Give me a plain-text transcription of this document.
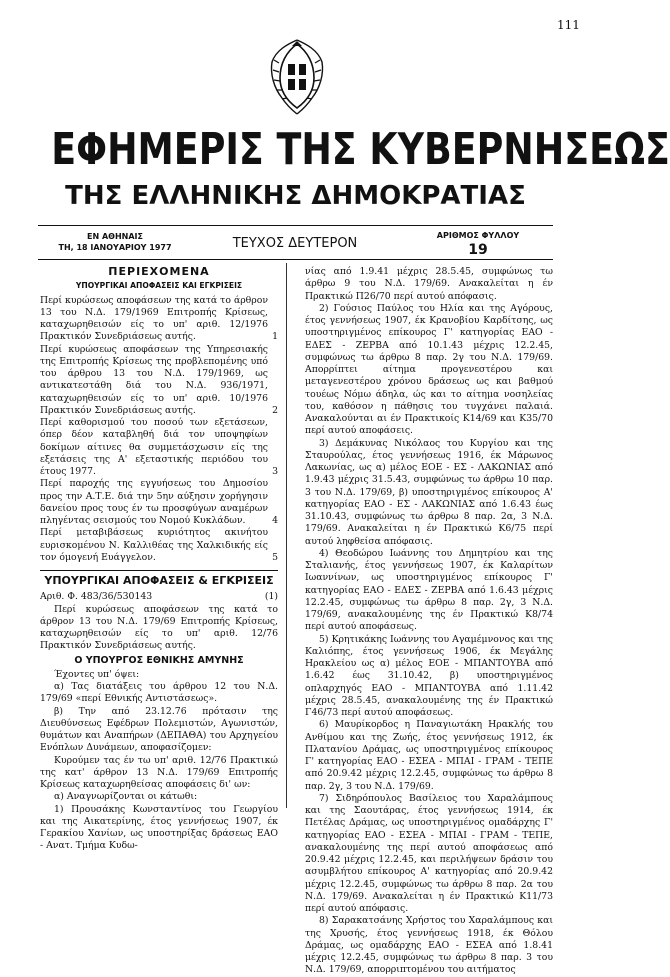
111
ΕΦΗΜΕΡΙΣ ΤΗΣ ΚΥΒΕΡΝΗΣΕΩΣ
ΤΗΣ ΕΛΛΗΝΙΚΗΣ ΔΗΜΟΚΡΑΤΙΑΣ
ΕΝ ΑΘΗΝΑΙΣ
ΤΗ, 18 ΙΑΝΟΥΑΡΙΟΥ 1977	ΤΕΥΧΟΣ ΔΕΥΤΕΡΟΝ
ΑΡΙΘΜΟΣ ΦΥΛΛΟΥ
19
ΠΕΡΙΕΧΟΜΕΝΑ
ΥΠΟΥΡΓΙΚΑΙ ΑΠΟΦΑΣΕΙΣ ΚΑΙ ΕΓΚΡΙΣΕΙΣ
Περί κυρώσεως αποφάσεων της κατά το άρθρον 13 του Ν.Δ. 179/1969 Επιτροπής Κρίσεως, καταχωρηθεισών είς το υπ' αριθ. 12/1976 Πρακτικόν Συνεδριάσεως αυτής.	1
Περί κυρώσεως αποφάσεων της Υπηρεσιακής της Επιτροπής Κρίσεως της προβλεπομένης υπό του άρθρου 13 του Ν.Δ. 179/1969, ως αντικατεστάθη διά του Ν.Δ. 936/1971, καταχωρηθεισών είς το υπ' αριθ. 10/1976 Πρακτικόν Συνεδριάσεως αυτής.	2
Περί καθορισμού του ποσού των εξετάσεων, όπερ δέον καταβληθή διά τον υποψηφίων δοκίμων αίτινες θα συμμετάσχωσιν είς της εξετάσεις της Α' εξεταστικής περιόδου του έτους 1977.	3
Περί παροχής της εγγυήσεως του Δημοσίου προς την Α.Τ.Ε. διά την 5ην αύξησιν χορήγησιν δανείου προς τους έν τω προσφύγων αναμέρων πληγέντας σεισμούς του Νομού Κυκλάδων.	4
Περί μεταβιβάσεως κυριότητος ακινήτου ευρισκομένου Ν. Καλλιθέας της Χαλκιδικής είς τον όμογενή Ευάγγελον.	5
ΥΠΟΥΡΓΙΚΑΙ ΑΠΟΦΑΣΕΙΣ & ΕΓΚΡΙΣΕΙΣ
Αριθ. Φ. 483/36/530143	(1)

Περί κυρώσεως αποφάσεων της κατά το άρθρον 13 του Ν.Δ. 179/69 Επιτροπής Κρίσεως, καταχωρηθεισών είς το υπ' αριθ. 12/76 Πρακτικόν Συνεδριάσεως αυτής.

Ο ΥΠΟΥΡΓΟΣ ΕΘΝΙΚΗΣ ΑΜΥΝΗΣ

Έχοντες υπ' όψει:

α) Τας διατάξεις του άρθρου 12 του Ν.Δ. 179/69 «περί Εθνικής Αντιστάσεως».

β) Την από 23.12.76 πρότασιν της Διευθύνσεως Εφέδρων Πολεμιστών, Αγωνιστών, θυμάτων και Αναπήρων (ΔΕΠΑΘΑ) του Αρχηγείου Ενόπλων Δυνάμεων, αποφασίζομεν:

Κυρούμεν τας έν τω υπ' αριθ. 12/76 Πρακτικώ της κατ' άρθρον 13 Ν.Δ. 179/69 Επιτροπής Κρίσεως καταχωρηθείσας αποφάσεις δι' ων:

α) Αναγνωρίζονται οι κάτωθι:

1) Προυσάκης Κωνσταντίνος του Γεωργίου και της Αικατερίνης, έτος γεννήσεως 1907, έκ Γερακίου Χανίων, ως υποστηρίξας δράσεως ΕΑΟ - Ανατ. Τμήμα Κυδω-

νίας από 1.9.41 μέχρις 28.5.45, συμφώνως τω άρθρω 9 του Ν.Δ. 179/69. Ανακαλείται η έν Πρακτικώ Π26/70 περί αυτού απόφασις.

2) Γούσιος Παύλος του Ηλία και της Αγόρους, έτος γεννήσεως 1907, έκ Κρανοβίου Καρδίτσης, ως υποστηριγμένος επίκουρος Γ' κατηγορίας ΕΑΟ - ΕΔΕΣ - ΖΕΡΒΑ από 10.1.43 μέχρις 12.2.45, συμφώνως τω άρθρω 8 παρ. 2γ του Ν.Δ. 179/69. Απορρίπτει αίτημα προγενεστέρου και μεταγενεστέρου χρόνου δράσεως ως και βαθμού τουέως Νόμω άδηλα, ώς και το αίτημα νοσηλείας του, καθόσον η πάθησις του τυγχάνει παλαιά. Ανακαλούνται αι έν Πρακτικοίς Κ14/69 και Κ35/70 περί αυτού αποφάσεις.

3) Δεμάκυνας Νικόλαος του Κυργίου και της Σταυρούλας, έτος γεννήσεως 1916, έκ Μάρωνος Λακωνίας, ως α) μέλος ΕΟΕ - ΕΣ - ΛΑΚΩΝΙΑΣ από 1.9.43 μέχρις 31.5.43, συμφώνως τω άρθρω 10 παρ. 3 του Ν.Δ. 179/69, β) υποστηριγμένος επίκουρος Α' κατηγορίας ΕΑΟ - ΕΣ - ΛΑΚΩΝΙΑΣ από 1.6.43 έως 31.10.43, συμφώνως τω άρθρω 8 παρ. 2α, 3 Ν.Δ. 179/69. Ανακαλείται η έν Πρακτικώ Κ6/75 περί αυτού ληφθείσα απόφασις.

4) Θεοδώρου Ιωάννης του Δημητρίου και της Σταλιανής, έτος γεννήσεως 1907, έκ Καλαρίτων Ιωαννίνων, ως υποστηριγμένος επίκουρος Γ' κατηγορίας ΕΑΟ - ΕΔΕΣ - ΖΕΡΒΑ από 1.6.43 μέχρις 12.2.45, συμφώνως τω άρθρω 8 παρ. 2γ, 3 Ν.Δ. 179/69, ανακαλουμένης της έν Πρακτικώ Κ8/74 περί αυτού αποφάσεως.

5) Κρητικάκης Ιωάννης του Αγαμέμνονος και της Καλιόπης, έτος γεννήσεως 1906, έκ Μεγάλης Ηρακλείου ως α) μέλος ΕΟΕ - ΜΠΑΝΤΟΥΒΑ από 1.6.42 έως 31.10.42, β) υποστηριγμένος οπλαρχηγός ΕΑΟ - ΜΠΑΝΤΟΥΒΑ από 1.11.42 μέχρις 28.5.45, ανακαλουμένης της έν Πρακτικώ Γ46/73 περί αυτού αποφάσεως.

6) Μαυρίκορδος η Παναγιωτάκη Ηρακλής του Ανθίμου και της Ζωής, έτος γεννήσεως 1912, έκ Πλατανίου Δράμας, ως υποστηριγμένος επίκουρος Γ' κατηγορίας ΕΑΟ - ΕΣΕΑ - ΜΠΑΙ - ΓΡΑΜ - ΤΕΠΕ από 20.9.42 μέχρις 12.2.45, συμφώνως τω άρθρω 8 παρ. 2γ, 3 του Ν.Δ. 179/69.

7) Σιδηρόπουλος Βασίλειος του Χαραλάμπους και της Σαουτάρας, έτος γεννήσεως 1914, έκ Πετέλας Δράμας, ως υποστηριγμένος ομαδάρχης Γ' κατηγορίας ΕΑΟ - ΕΣΕΑ - ΜΠΑΙ - ΓΡΑΜ - ΤΕΠΕ, ανακαλουμένης της περί αυτού αποφάσεως από 20.9.42 μέχρις 12.2.45, και περιλήψεων δράσιν του ασυμβλήτου επίκουρος Α' κατηγορίας από 20.9.42 μέχρις 12.2.45, συμφώνως τω άρθρω 8 παρ. 2α του Ν.Δ. 179/69. Ανακαλείται η έν Πρακτικώ Κ11/73 περί αυτού απόφασις.

8) Σαρακατσάνης Χρήστος του Χαραλάμπους και της Χρυσής, έτος γεννήσεως 1918, έκ Θόλου Δράμας, ως ομαδάρχης ΕΑΟ - ΕΣΕΑ από 1.8.41 μέχρις 12.2.45, συμφώνως τω άρθρω 8 παρ. 3 του Ν.Δ. 179/69, απορριπτομένου του αιτήματος
